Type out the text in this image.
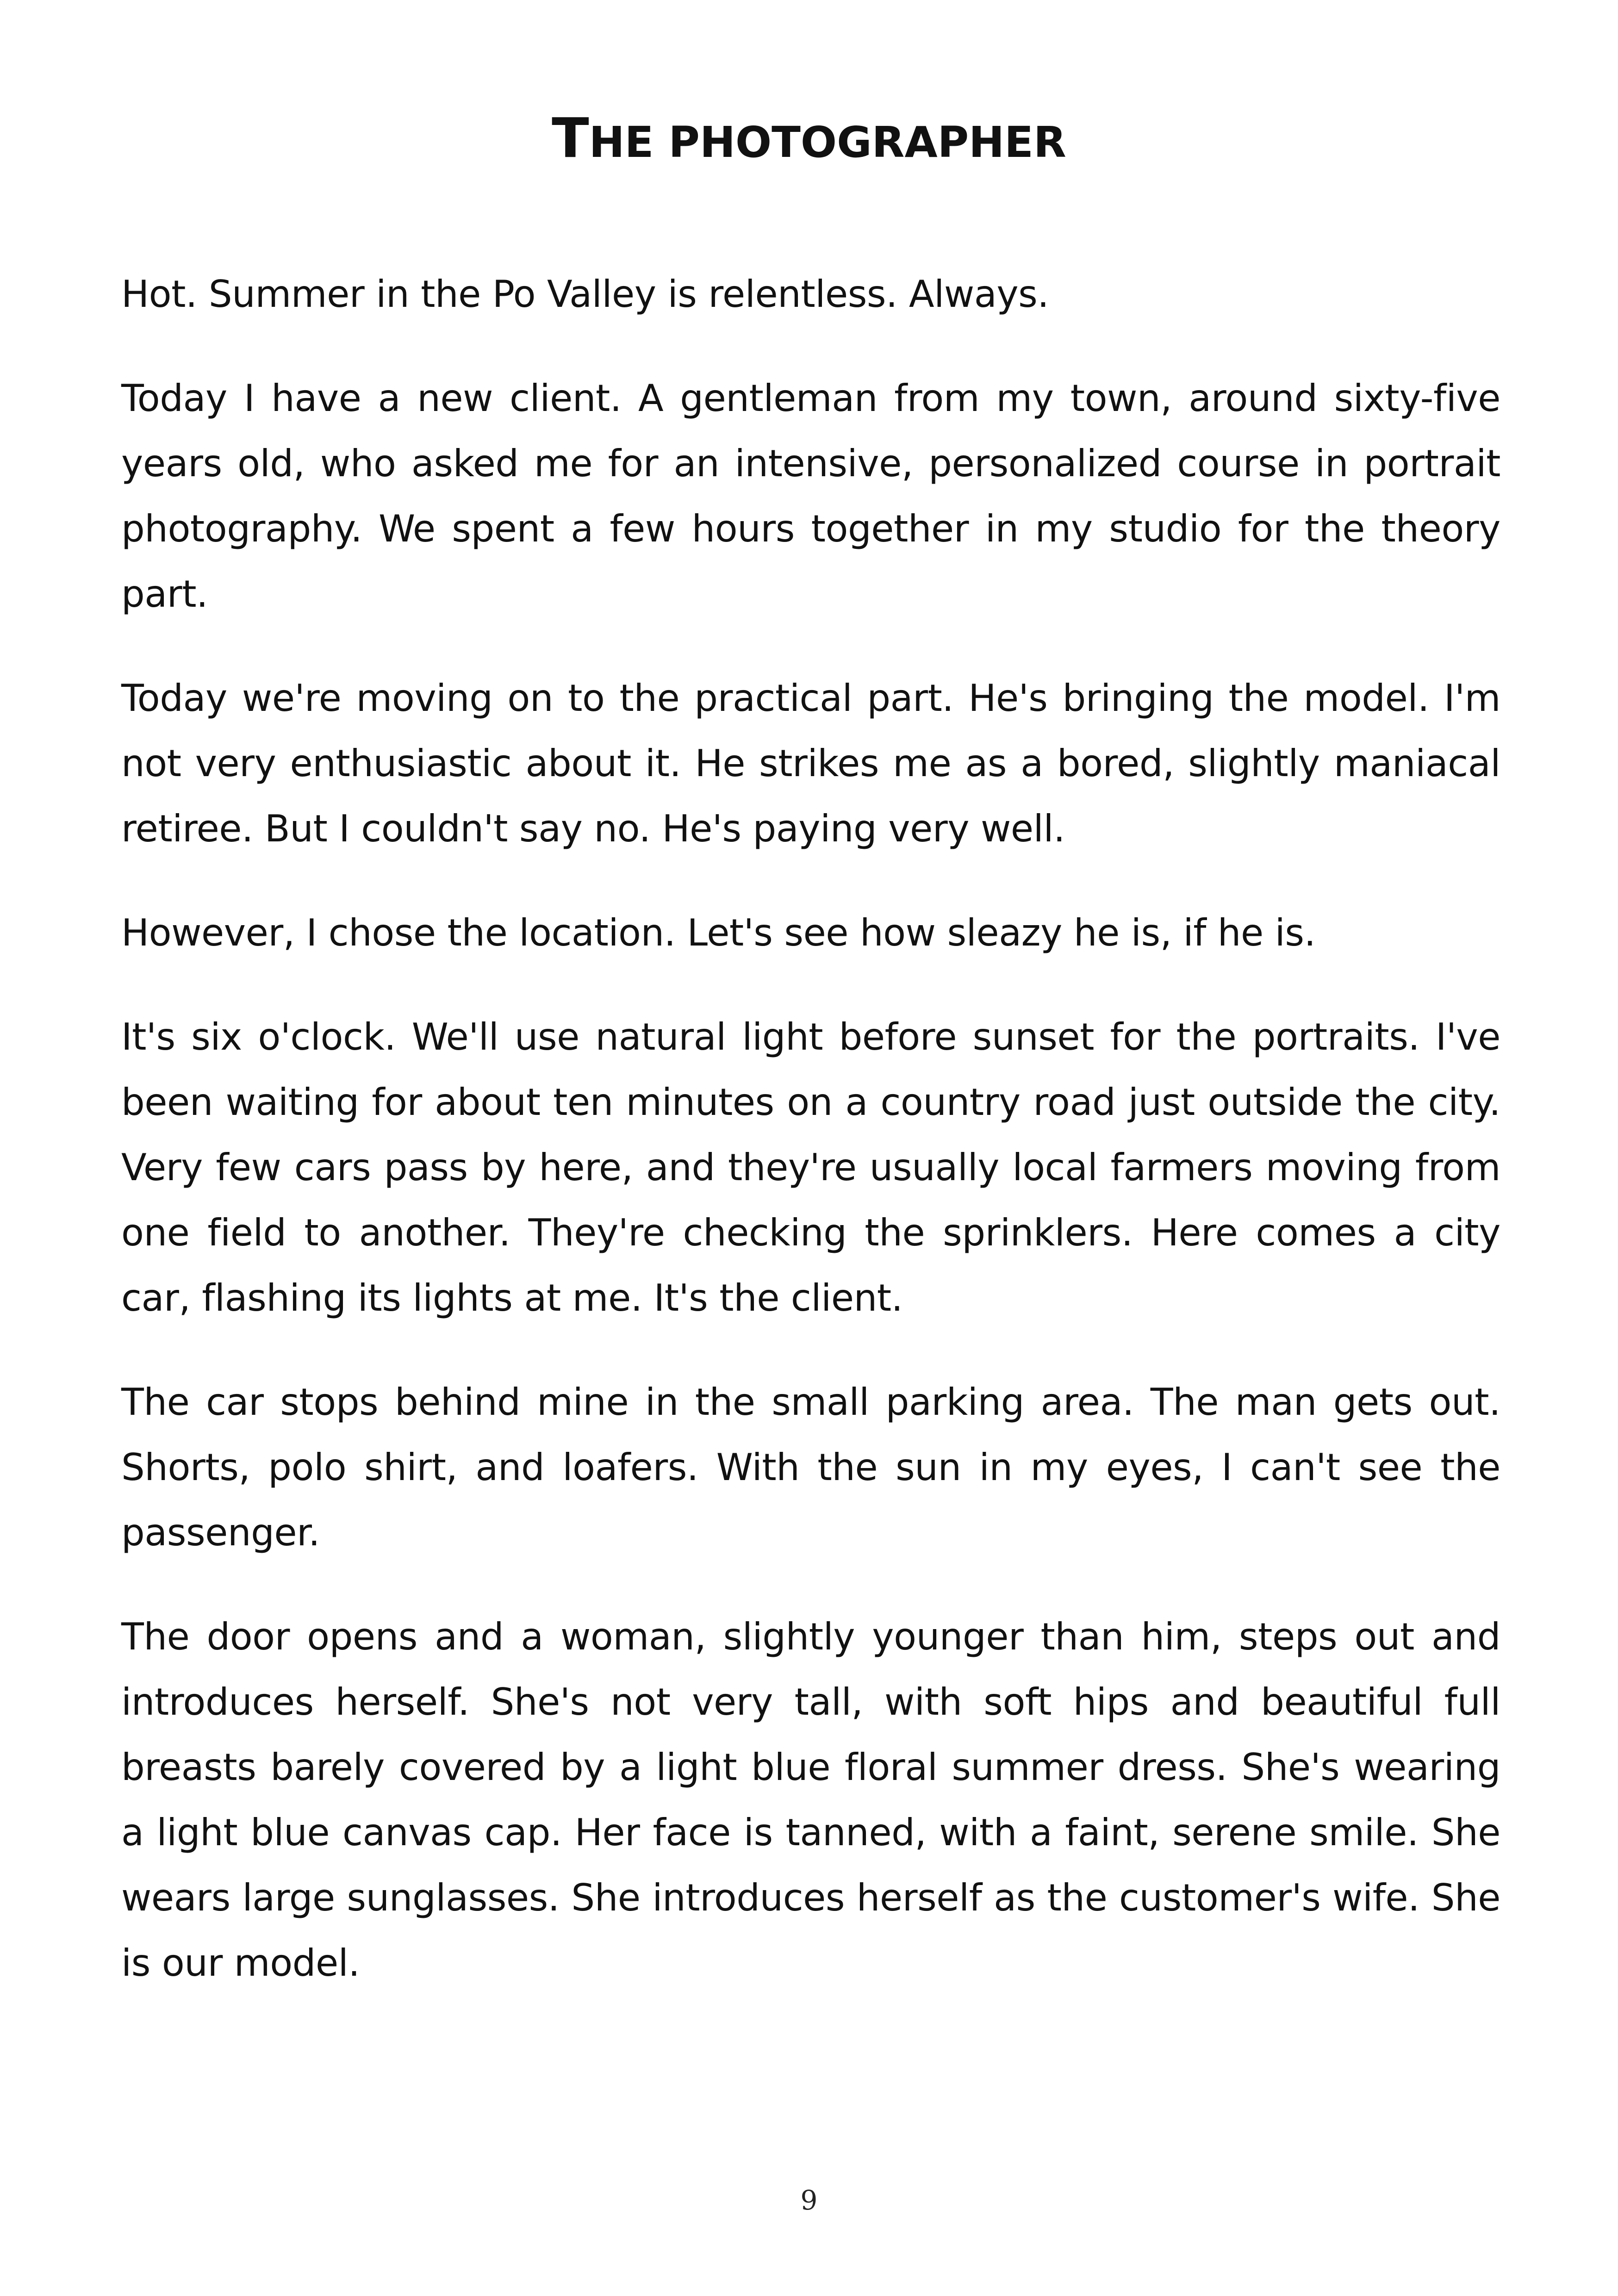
THE PHOTOGRAPHER

Hot. Summer in the Po Valley is relentless. Always.

Today I have a new client. A gentleman from my town, around sixty-five years old, who asked me for an intensive, personalized course in portrait photography. We spent a few hours together in my studio for the theory part.

Today we're moving on to the practical part. He's bringing the model. I'm not very enthusiastic about it. He strikes me as a bored, slightly maniacal retiree. But I couldn't say no. He's paying very well.

However, I chose the location. Let's see how sleazy he is, if he is.

It's six o'clock. We'll use natural light before sunset for the portraits. I've been waiting for about ten minutes on a country road just outside the city. Very few cars pass by here, and they're usually local farmers moving from one field to another. They're checking the sprinklers. Here comes a city car, flashing its lights at me. It's the client.

The car stops behind mine in the small parking area. The man gets out. Shorts, polo shirt, and loafers. With the sun in my eyes, I can't see the passenger.

The door opens and a woman, slightly younger than him, steps out and introduces herself. She's not very tall, with soft hips and beautiful full breasts barely covered by a light blue floral summer dress. She's wearing a light blue canvas cap. Her face is tanned, with a faint, serene smile. She wears large sunglasses. She introduces herself as the customer's wife. She is our model.

9
